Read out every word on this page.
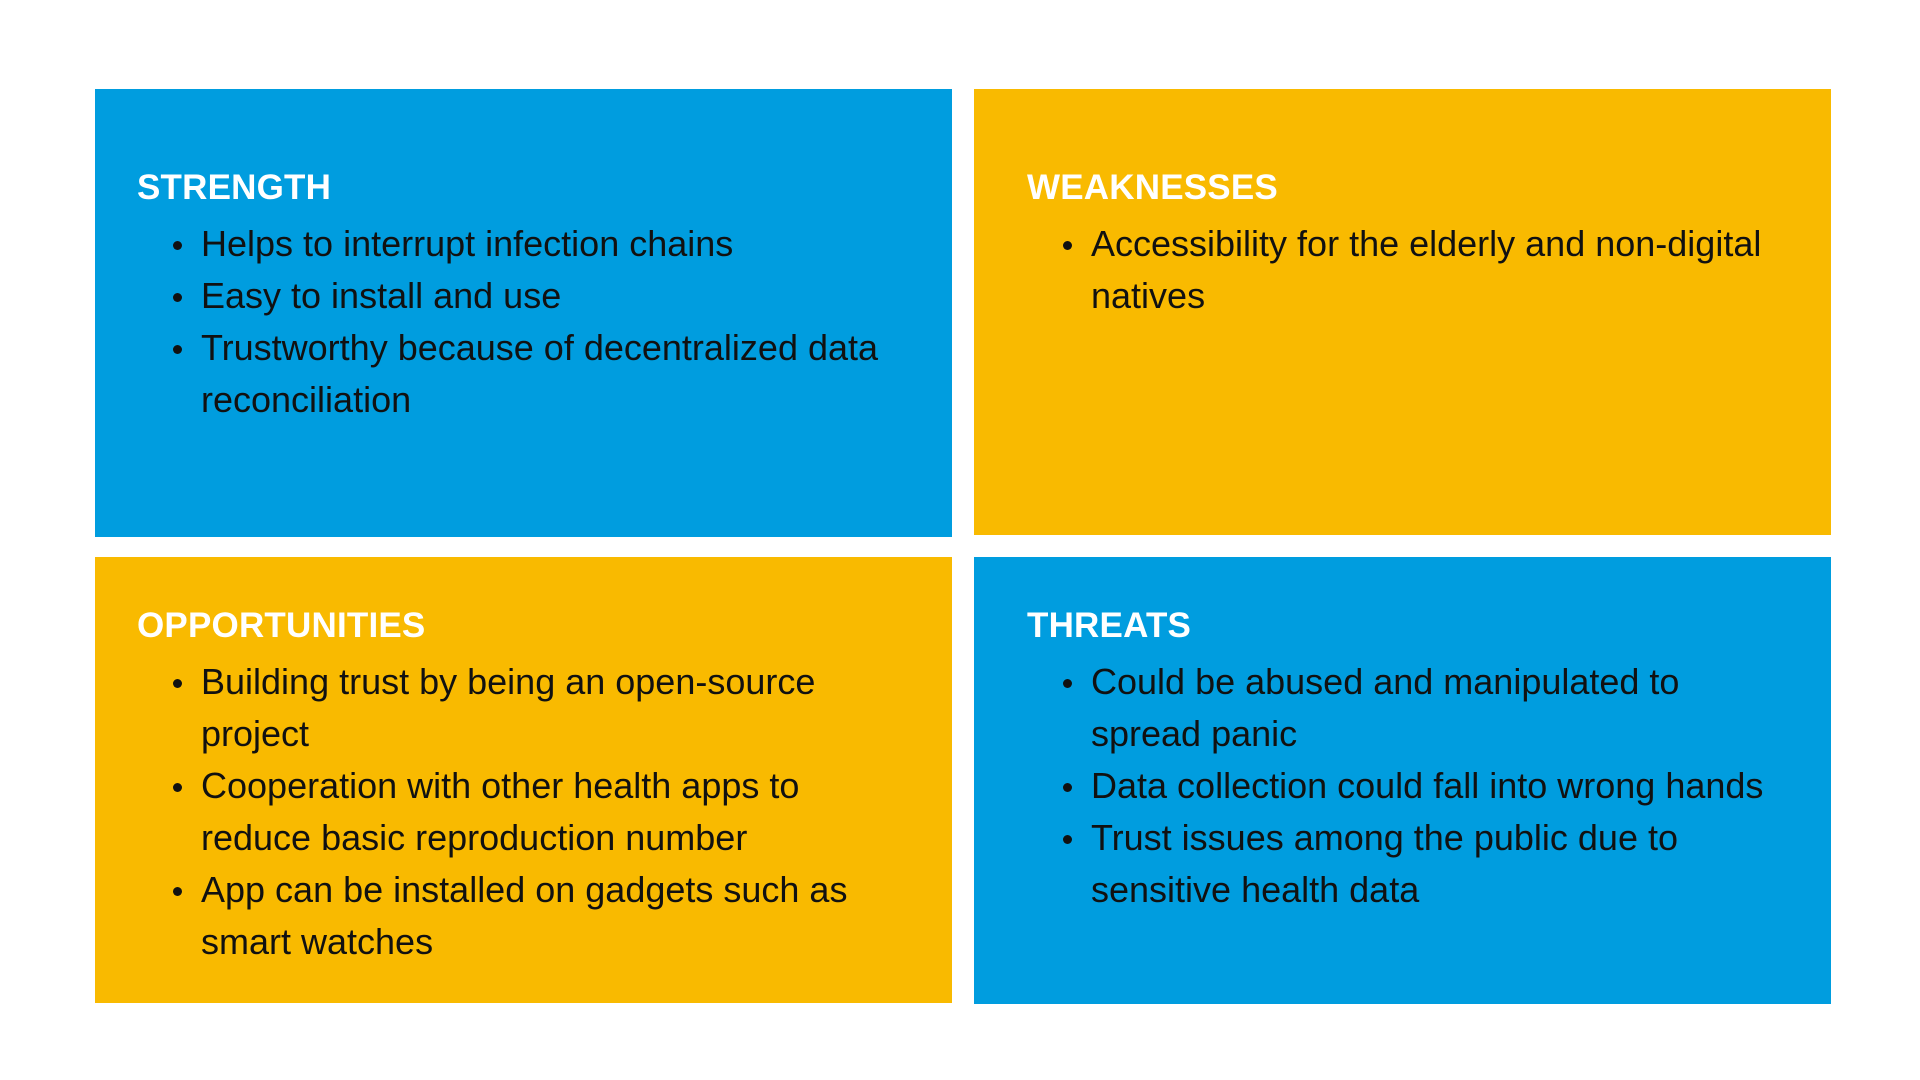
STRENGTH
Helps to interrupt infection chains
Easy to install and use
Trustworthy because of decentralized data reconciliation
WEAKNESSES
Accessibility for the elderly and non-digital natives
OPPORTUNITIES
Building trust by being an open-source project
Cooperation with other health apps to reduce basic reproduction number
App can be installed on gadgets such as smart watches
THREATS
Could be abused and manipulated to spread panic
Data collection could fall into wrong hands
Trust issues among the public due to sensitive health data
